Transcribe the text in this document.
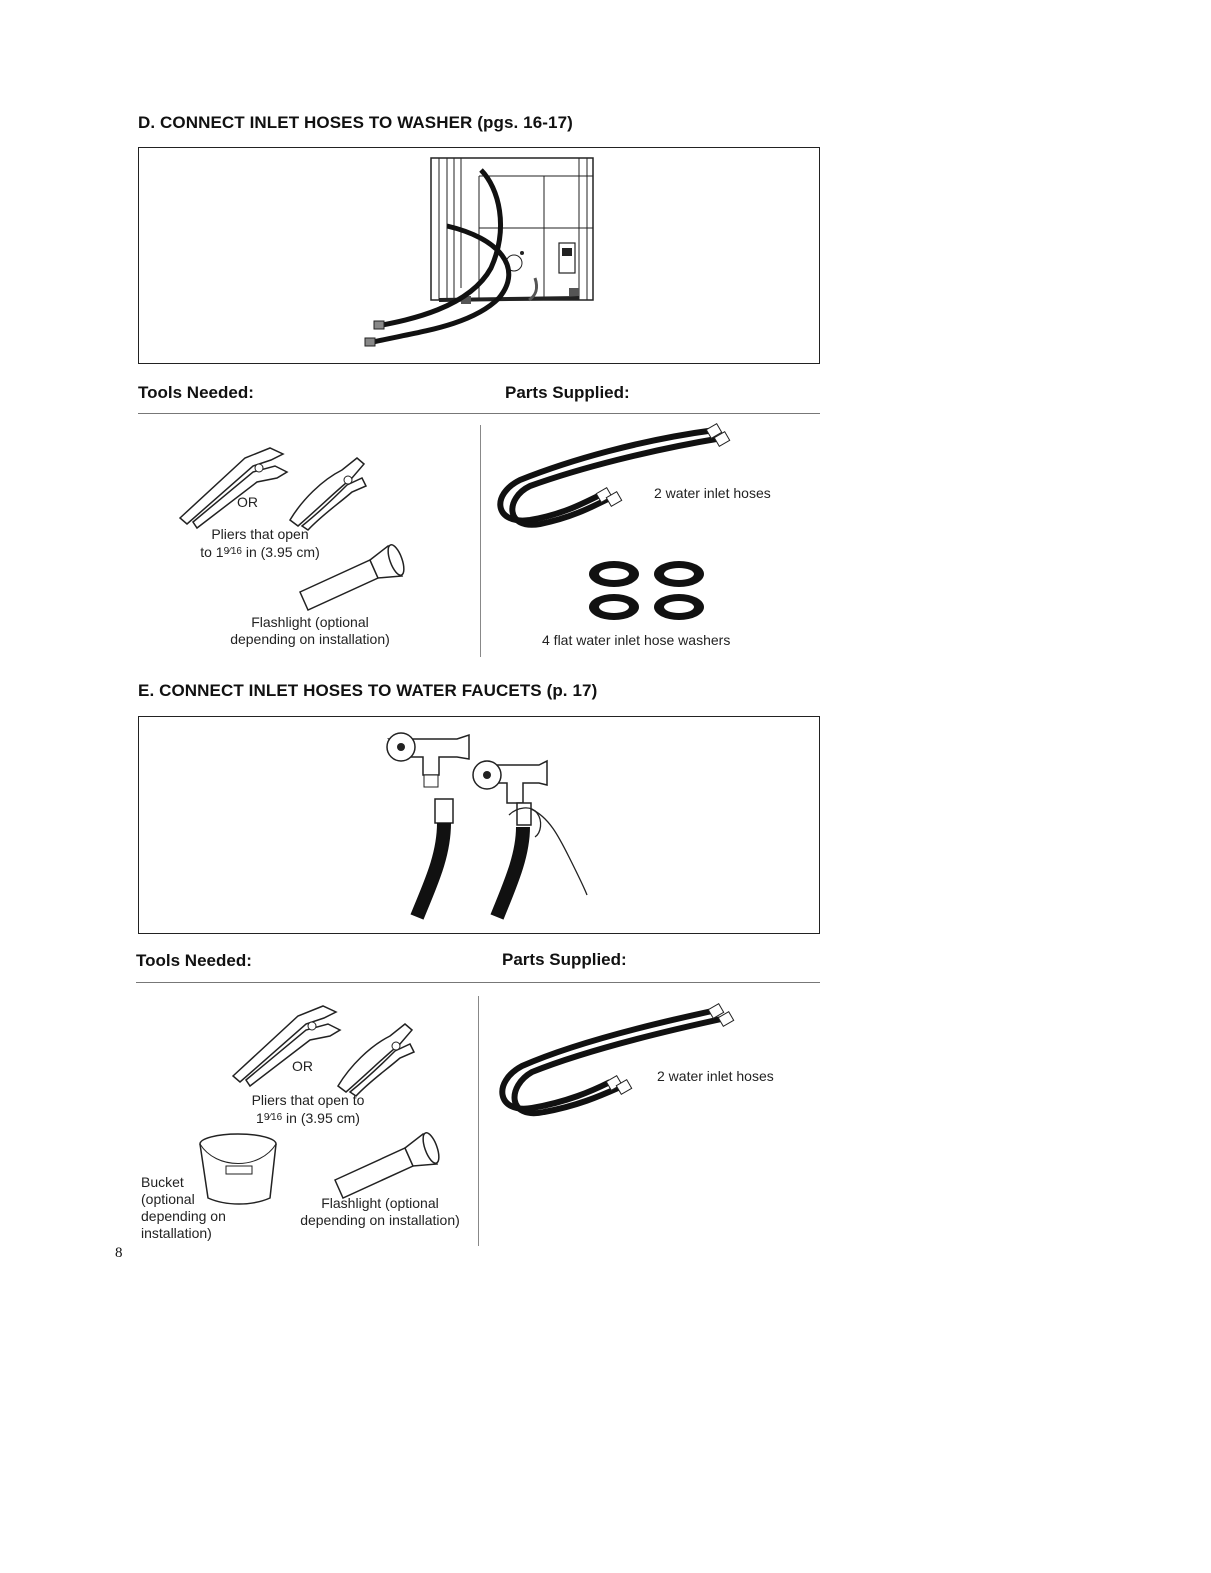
D. CONNECT INLET HOSES TO WASHER (pgs. 16-17)
Tools Needed:	Parts Supplied:
OR
Pliers that open
to $1^{9⁄16}$ in (3.95 cm)
Flashlight (optional
depending on installation)
2 water inlet hoses
4 flat water inlet hose washers
E. CONNECT INLET HOSES TO WATER FAUCETS (p. 17)
Tools Needed:	Parts Supplied:
OR
Pliers that open to
$1^{9⁄16}$ in (3.95 cm)
Bucket
(optional
depending on
installation)
Flashlight (optional
depending on installation)
2 water inlet hoses
8
